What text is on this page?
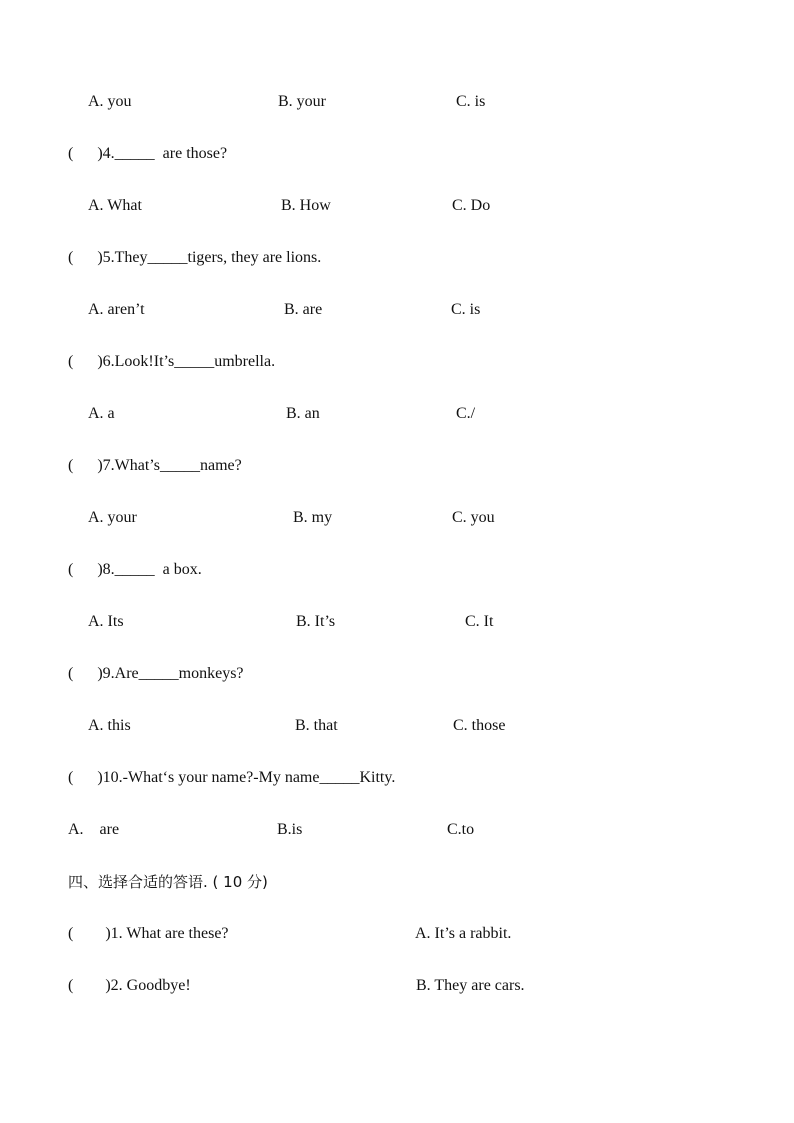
A. you	B. your	C. is
(      )4._____  are those?
A. What	B. How	C. Do
(      )5.They_____tigers, they are lions.
A. aren’t	B. are	C. is
(      )6.Look!It’s_____umbrella.
A. a	B. an	C./
(      )7.What’s_____name?
A. your	B. my	C. you
(      )8._____  a box.
A. Its	B. It’s	C. It
(      )9.Are_____monkeys?
A. this	B. that	C. those
(      )10.-What‘s your name?-My name_____Kitty.
A.    are	B.is	C.to
四、选择合适的答语. ( 10 分)
(        )1. What are these?	A. It’s a rabbit.
(        )2. Goodbye!	B. They are cars.
